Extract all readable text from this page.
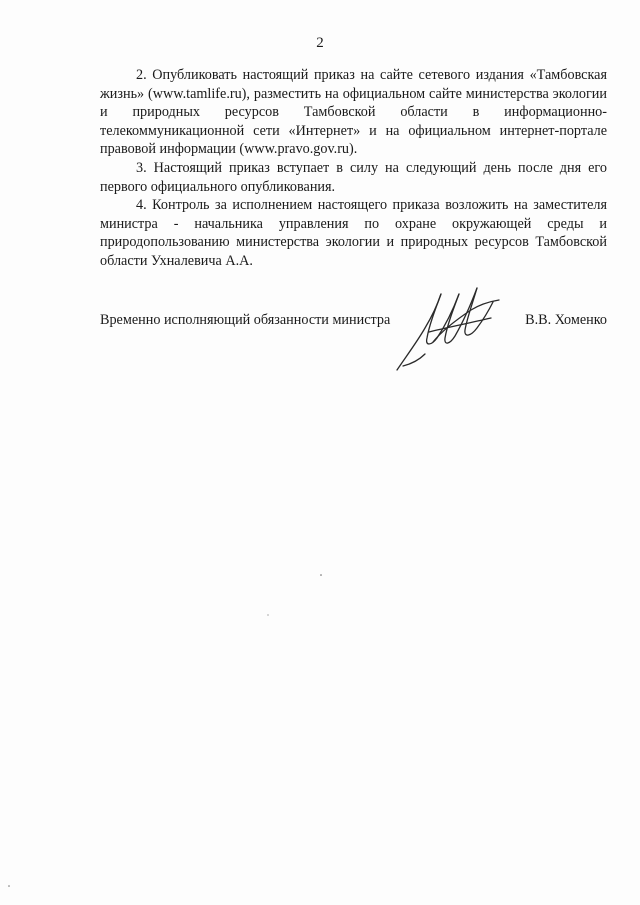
2

2. Опубликовать настоящий приказ на сайте сетевого издания «Тамбовская жизнь» (www.tamlife.ru), разместить на официальном сайте министерства экологии и природных ресурсов Тамбовской области в информационно-телекоммуникационной сети «Интернет» и на официальном интернет-портале правовой информации (www.pravo.gov.ru).

3. Настоящий приказ вступает в силу на следующий день после дня его первого официального опубликования.

4. Контроль за исполнением настоящего приказа возложить на заместителя министра - начальника управления по охране окружающей среды и природопользованию министерства экологии и природных ресурсов Тамбовской области Ухналевича А.А.

Временно исполняющий обязанности министра	В.В. Хоменко
